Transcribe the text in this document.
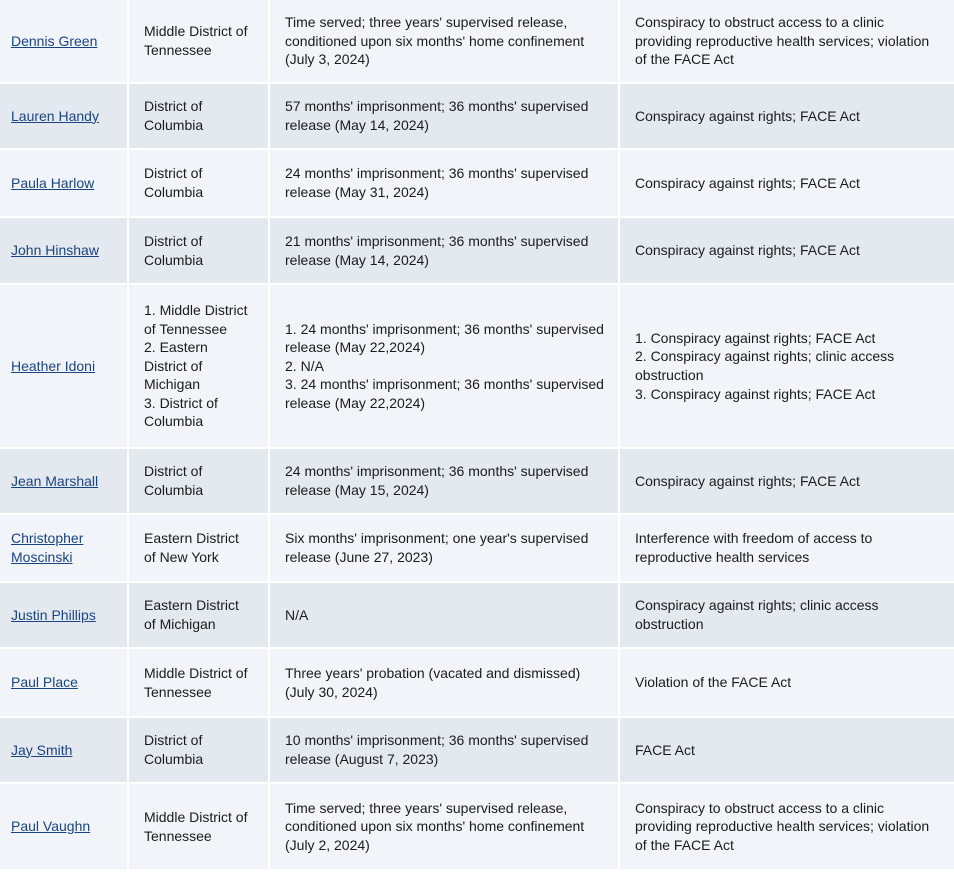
Dennis Green	Middle District of Tennessee	Time served; three years' supervised release, conditioned upon six months' home confinement (July 3, 2024)	Conspiracy to obstruct access to a clinic providing reproductive health services; violation of the FACE Act

Lauren Handy	District of Columbia	57 months' imprisonment; 36 months' supervised release (May 14, 2024)	Conspiracy against rights; FACE Act

Paula Harlow	District of Columbia	24 months' imprisonment; 36 months' supervised release (May 31, 2024)	Conspiracy against rights; FACE Act

John Hinshaw	District of Columbia	21 months' imprisonment; 36 months' supervised release (May 14, 2024)	Conspiracy against rights; FACE Act

Heather Idoni	1. Middle District of Tennessee
2. Eastern District of Michigan
3. District of Columbia	1. 24 months' imprisonment; 36 months' supervised release (May 22,2024)
2. N/A
3. 24 months' imprisonment; 36 months' supervised release (May 22,2024)	1. Conspiracy against rights; FACE Act
2. Conspiracy against rights; clinic access obstruction
3. Conspiracy against rights; FACE Act

Jean Marshall	District of Columbia	24 months' imprisonment; 36 months' supervised release (May 15, 2024)	Conspiracy against rights; FACE Act

Christopher Moscinski	Eastern District of New York	Six months' imprisonment; one year's supervised release (June 27, 2023)	Interference with freedom of access to reproductive health services

Justin Phillips	Eastern District of Michigan	N/A	Conspiracy against rights; clinic access obstruction

Paul Place	Middle District of Tennessee	Three years' probation (vacated and dismissed) (July 30, 2024)	Violation of the FACE Act

Jay Smith	District of Columbia	10 months' imprisonment; 36 months' supervised release (August 7, 2023)	FACE Act

Paul Vaughn	Middle District of Tennessee	Time served; three years' supervised release, conditioned upon six months' home confinement (July 2, 2024)	Conspiracy to obstruct access to a clinic providing reproductive health services; violation of the FACE Act
